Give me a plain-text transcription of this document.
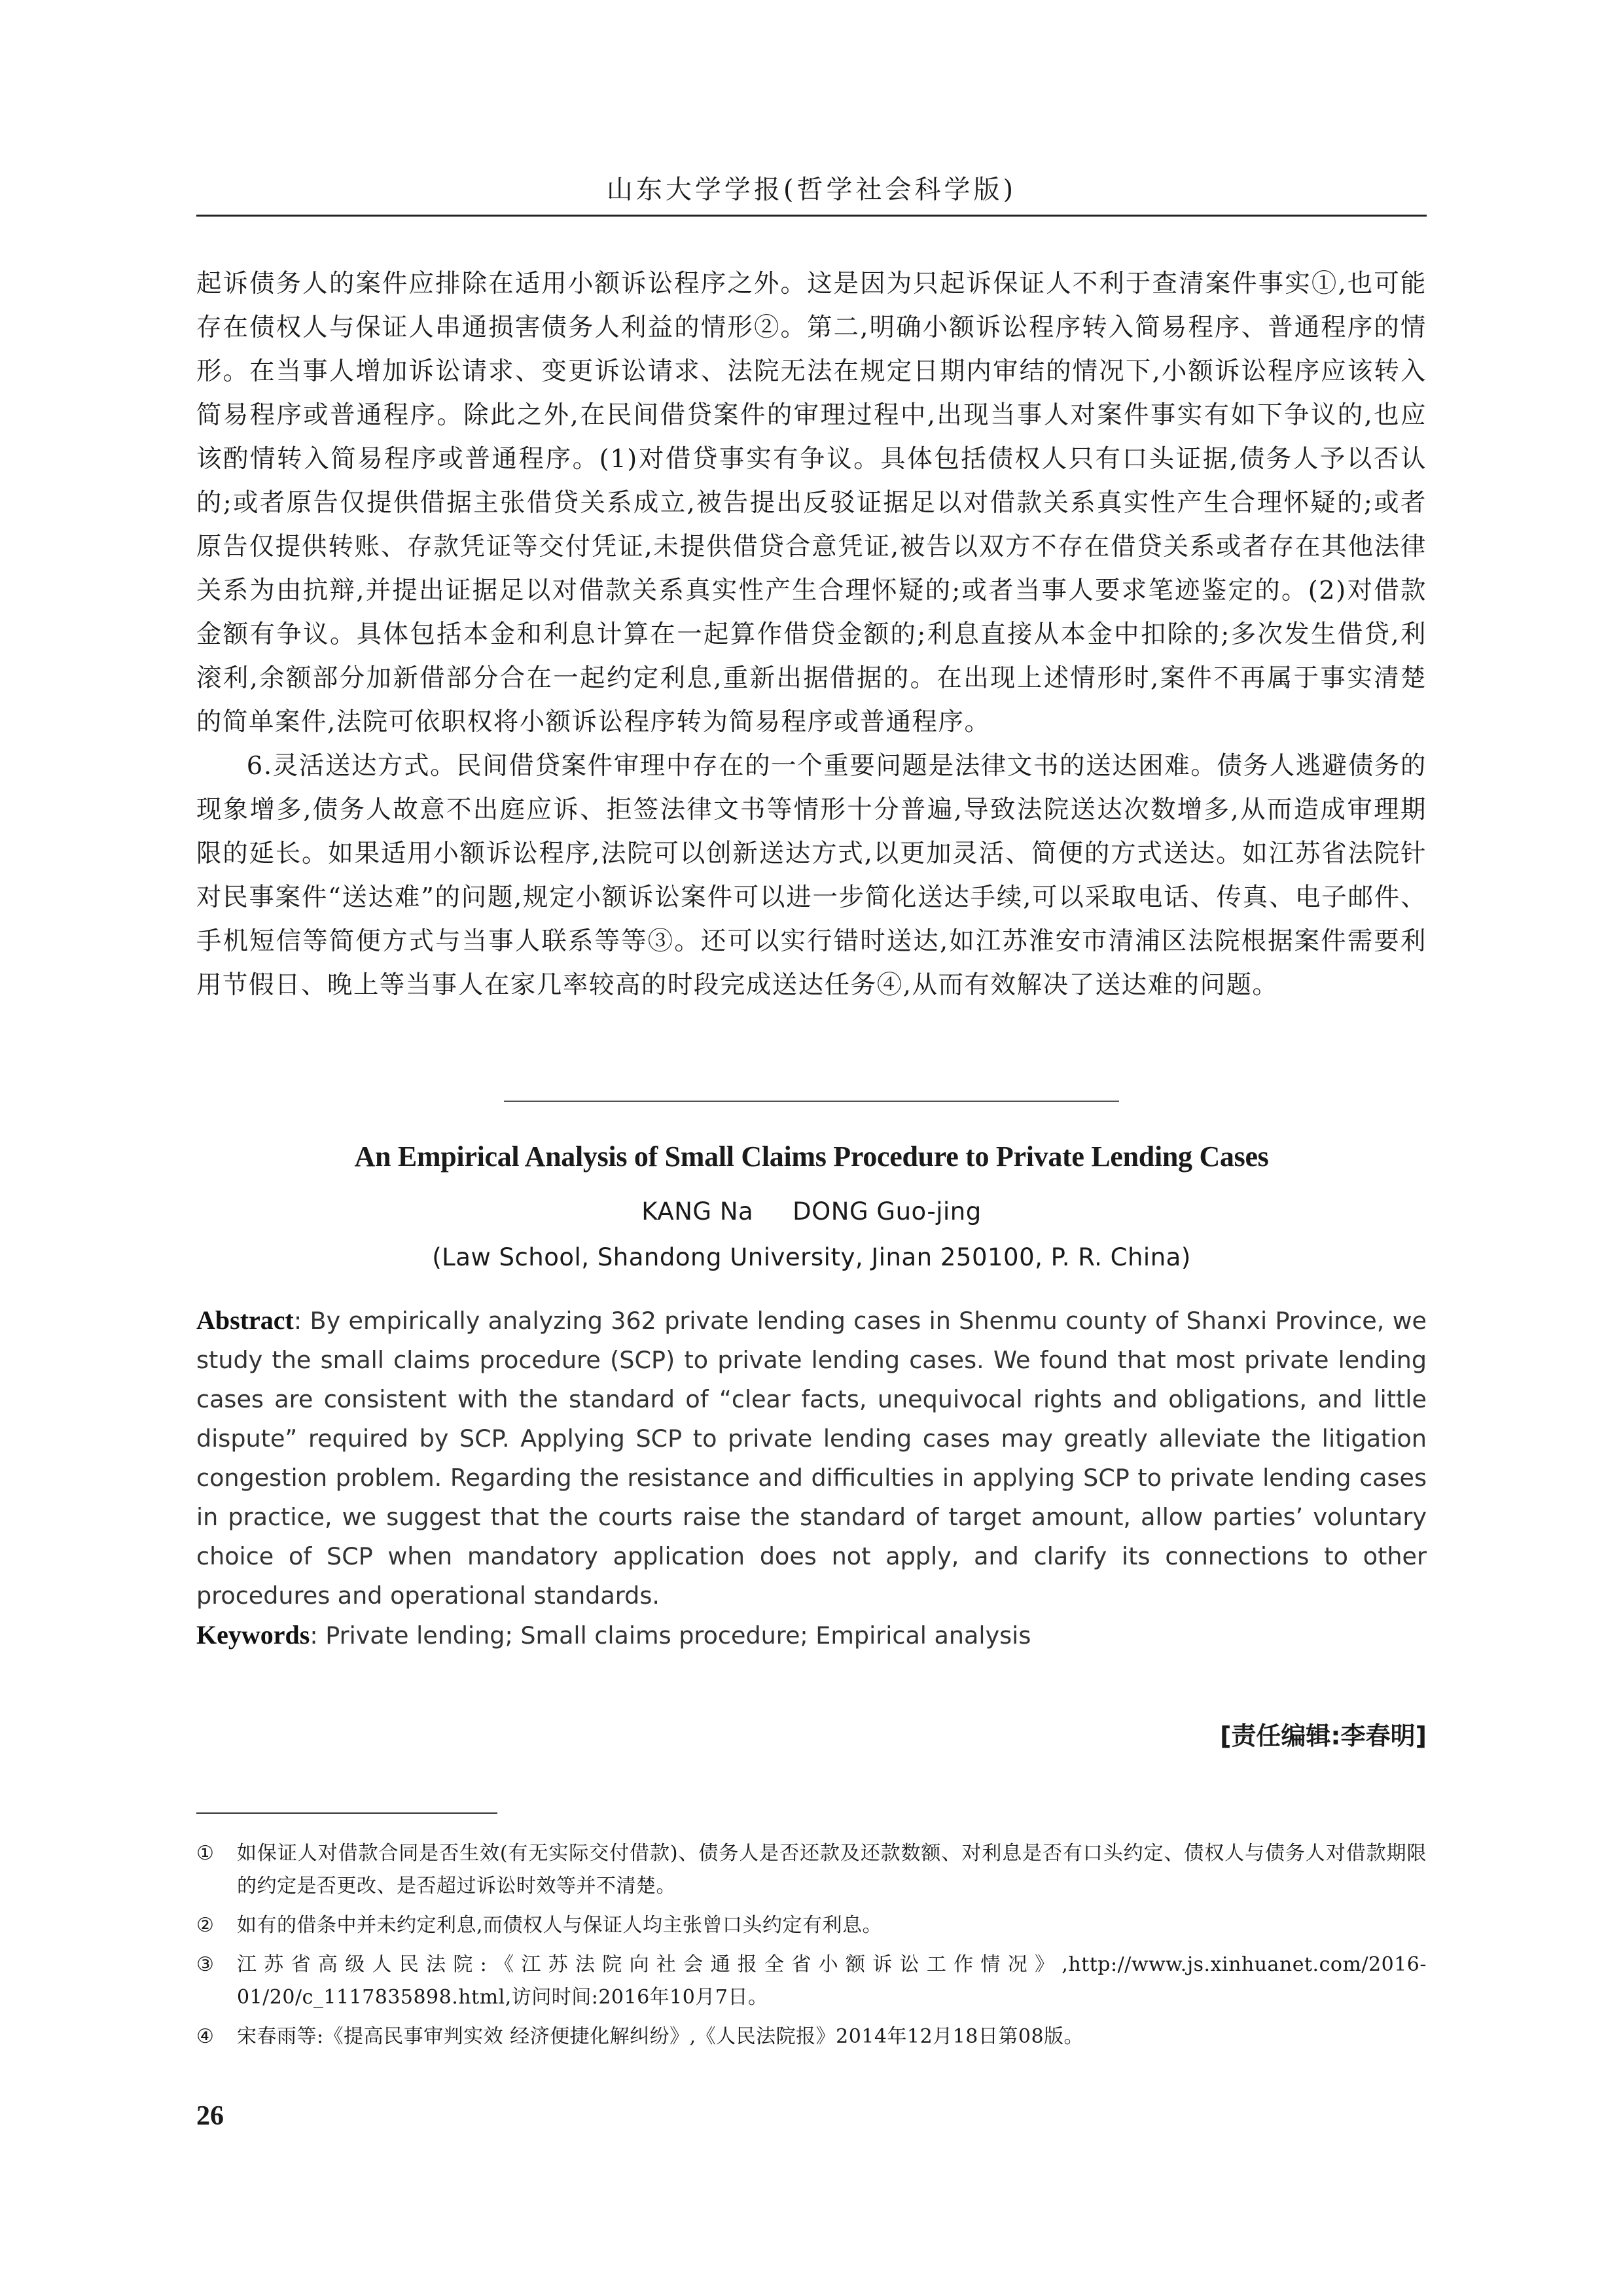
山东大学学报(哲学社会科学版)

起诉债务人的案件应排除在适用小额诉讼程序之外。这是因为只起诉保证人不利于查清案件事实①,也可能存在债权人与保证人串通损害债务人利益的情形②。第二,明确小额诉讼程序转入简易程序、普通程序的情形。在当事人增加诉讼请求、变更诉讼请求、法院无法在规定日期内审结的情况下,小额诉讼程序应该转入简易程序或普通程序。除此之外,在民间借贷案件的审理过程中,出现当事人对案件事实有如下争议的,也应该酌情转入简易程序或普通程序。(1)对借贷事实有争议。具体包括债权人只有口头证据,债务人予以否认的;或者原告仅提供借据主张借贷关系成立,被告提出反驳证据足以对借款关系真实性产生合理怀疑的;或者原告仅提供转账、存款凭证等交付凭证,未提供借贷合意凭证,被告以双方不存在借贷关系或者存在其他法律关系为由抗辩,并提出证据足以对借款关系真实性产生合理怀疑的;或者当事人要求笔迹鉴定的。(2)对借款金额有争议。具体包括本金和利息计算在一起算作借贷金额的;利息直接从本金中扣除的;多次发生借贷,利滚利,余额部分加新借部分合在一起约定利息,重新出据借据的。在出现上述情形时,案件不再属于事实清楚的简单案件,法院可依职权将小额诉讼程序转为简易程序或普通程序。

6.灵活送达方式。民间借贷案件审理中存在的一个重要问题是法律文书的送达困难。债务人逃避债务的现象增多,债务人故意不出庭应诉、拒签法律文书等情形十分普遍,导致法院送达次数增多,从而造成审理期限的延长。如果适用小额诉讼程序,法院可以创新送达方式,以更加灵活、简便的方式送达。如江苏省法院针对民事案件“送达难”的问题,规定小额诉讼案件可以进一步简化送达手续,可以采取电话、传真、电子邮件、手机短信等简便方式与当事人联系等等③。还可以实行错时送达,如江苏淮安市清浦区法院根据案件需要利用节假日、晚上等当事人在家几率较高的时段完成送达任务④,从而有效解决了送达难的问题。

An Empirical Analysis of Small Claims Procedure to Private Lending Cases
KANG Na DONG Guo-jing
(Law School, Shandong University, Jinan 250100, P. R. China)

Abstract: By empirically analyzing 362 private lending cases in Shenmu county of Shanxi Province, we study the small claims procedure (SCP) to private lending cases. We found that most private lending cases are consistent with the standard of “clear facts, unequivocal rights and obligations, and little dispute” required by SCP. Applying SCP to private lending cases may greatly alleviate the litigation congestion problem. Regarding the resistance and difficulties in applying SCP to private lending cases in practice, we suggest that the courts raise the standard of target amount, allow parties’ voluntary choice of SCP when mandatory application does not apply, and clarify its connections to other procedures and operational standards.

Keywords: Private lending; Small claims procedure; Empirical analysis

[责任编辑:李春明]
①	如保证人对借款合同是否生效(有无实际交付借款)、债务人是否还款及还款数额、对利息是否有口头约定、债权人与债务人对借款期限的约定是否更改、是否超过诉讼时效等并不清楚。
②	如有的借条中并未约定利息,而债权人与保证人均主张曾口头约定有利息。
③	江苏省高级人民法院:《江苏法院向社会通报全省小额诉讼工作情况》,http://www.js.xinhuanet.com/2016-01/20/c_1117835898.html,访问时间:2016年10月7日。
④	宋春雨等:《提高民事审判实效 经济便捷化解纠纷》,《人民法院报》2014年12月18日第08版。
26
